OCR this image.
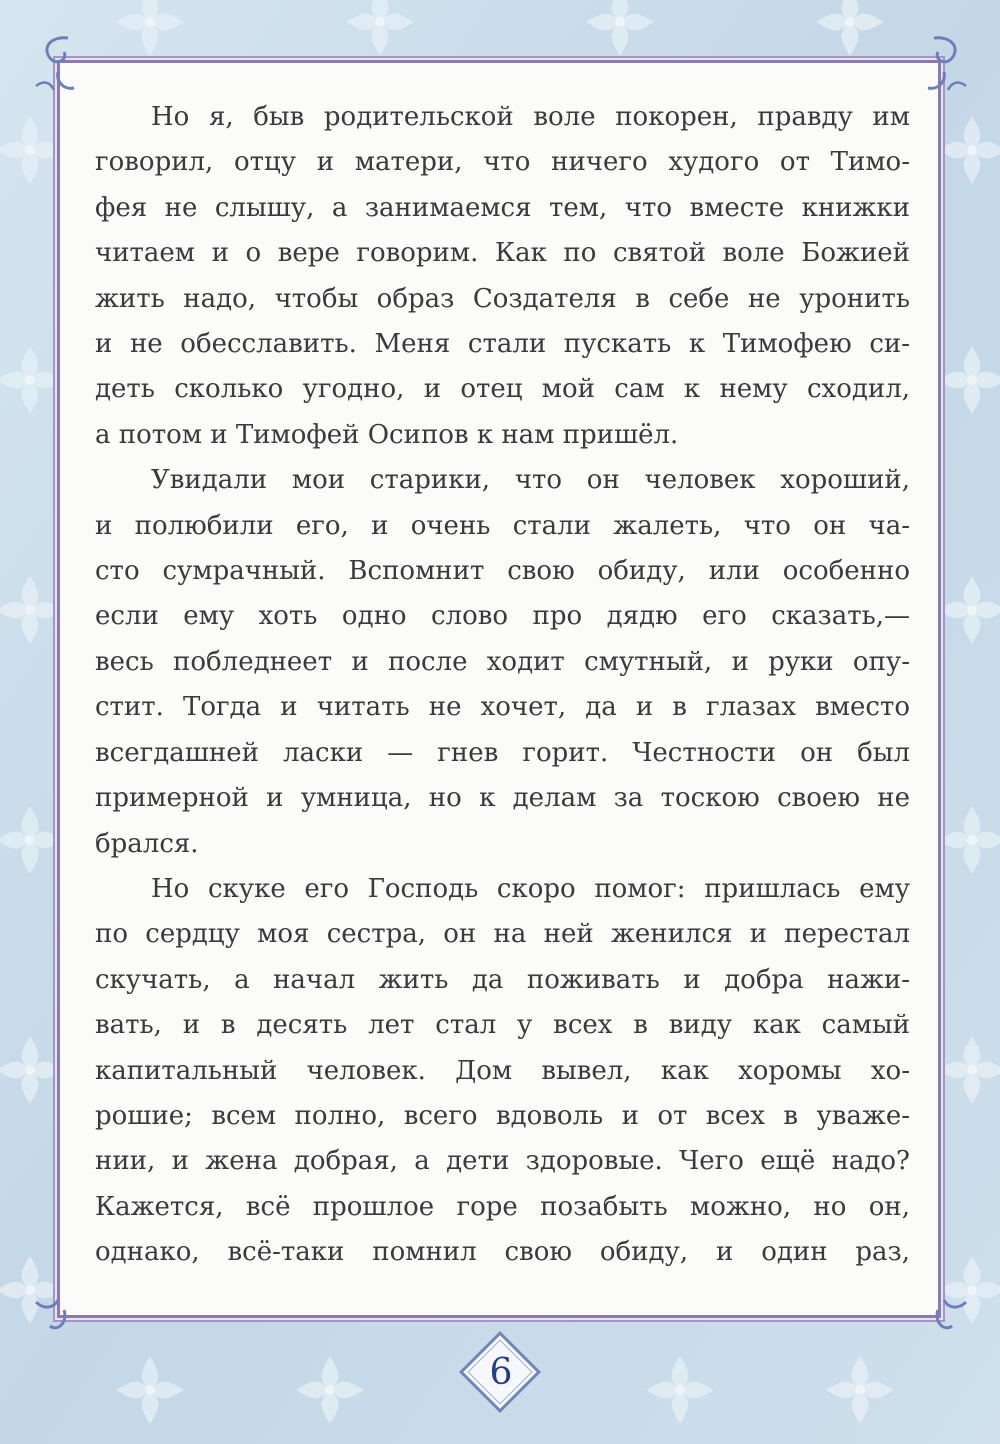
Но я, быв родительской воле покорен, правду им
говорил, отцу и матери, что ничего худого от Тимо-
фея не слышу, а занимаемся тем, что вместе книжки
читаем и о вере говорим. Как по святой воле Божией
жить надо, чтобы образ Создателя в себе не уронить
и не обесславить. Меня стали пускать к Тимофею си-
деть сколько угодно, и отец мой сам к нему сходил,
а потом и Тимофей Осипов к нам пришёл.
Увидали мои старики, что он человек хороший,
и полюбили его, и очень стали жалеть, что он ча-
сто сумрачный. Вспомнит свою обиду, или особенно
если ему хоть одно слово про дядю его сказать,—
весь побледнеет и после ходит смутный, и руки опу-
стит. Тогда и читать не хочет, да и в глазах вместо
всегдашней ласки — гнев горит. Честности он был
примерной и умница, но к делам за тоскою своею не
брался.
Но скуке его Господь скоро помог: пришлась ему
по сердцу моя сестра, он на ней женился и перестал
скучать, а начал жить да поживать и добра нажи-
вать, и в десять лет стал у всех в виду как самый
капитальный человек. Дом вывел, как хоромы хо-
рошие; всем полно, всего вдоволь и от всех в уваже-
нии, и жена добрая, а дети здоровые. Чего ещё надо?
Кажется, всё прошлое горе позабыть можно, но он,
однако, всё-таки помнил свою обиду, и один раз,
6
